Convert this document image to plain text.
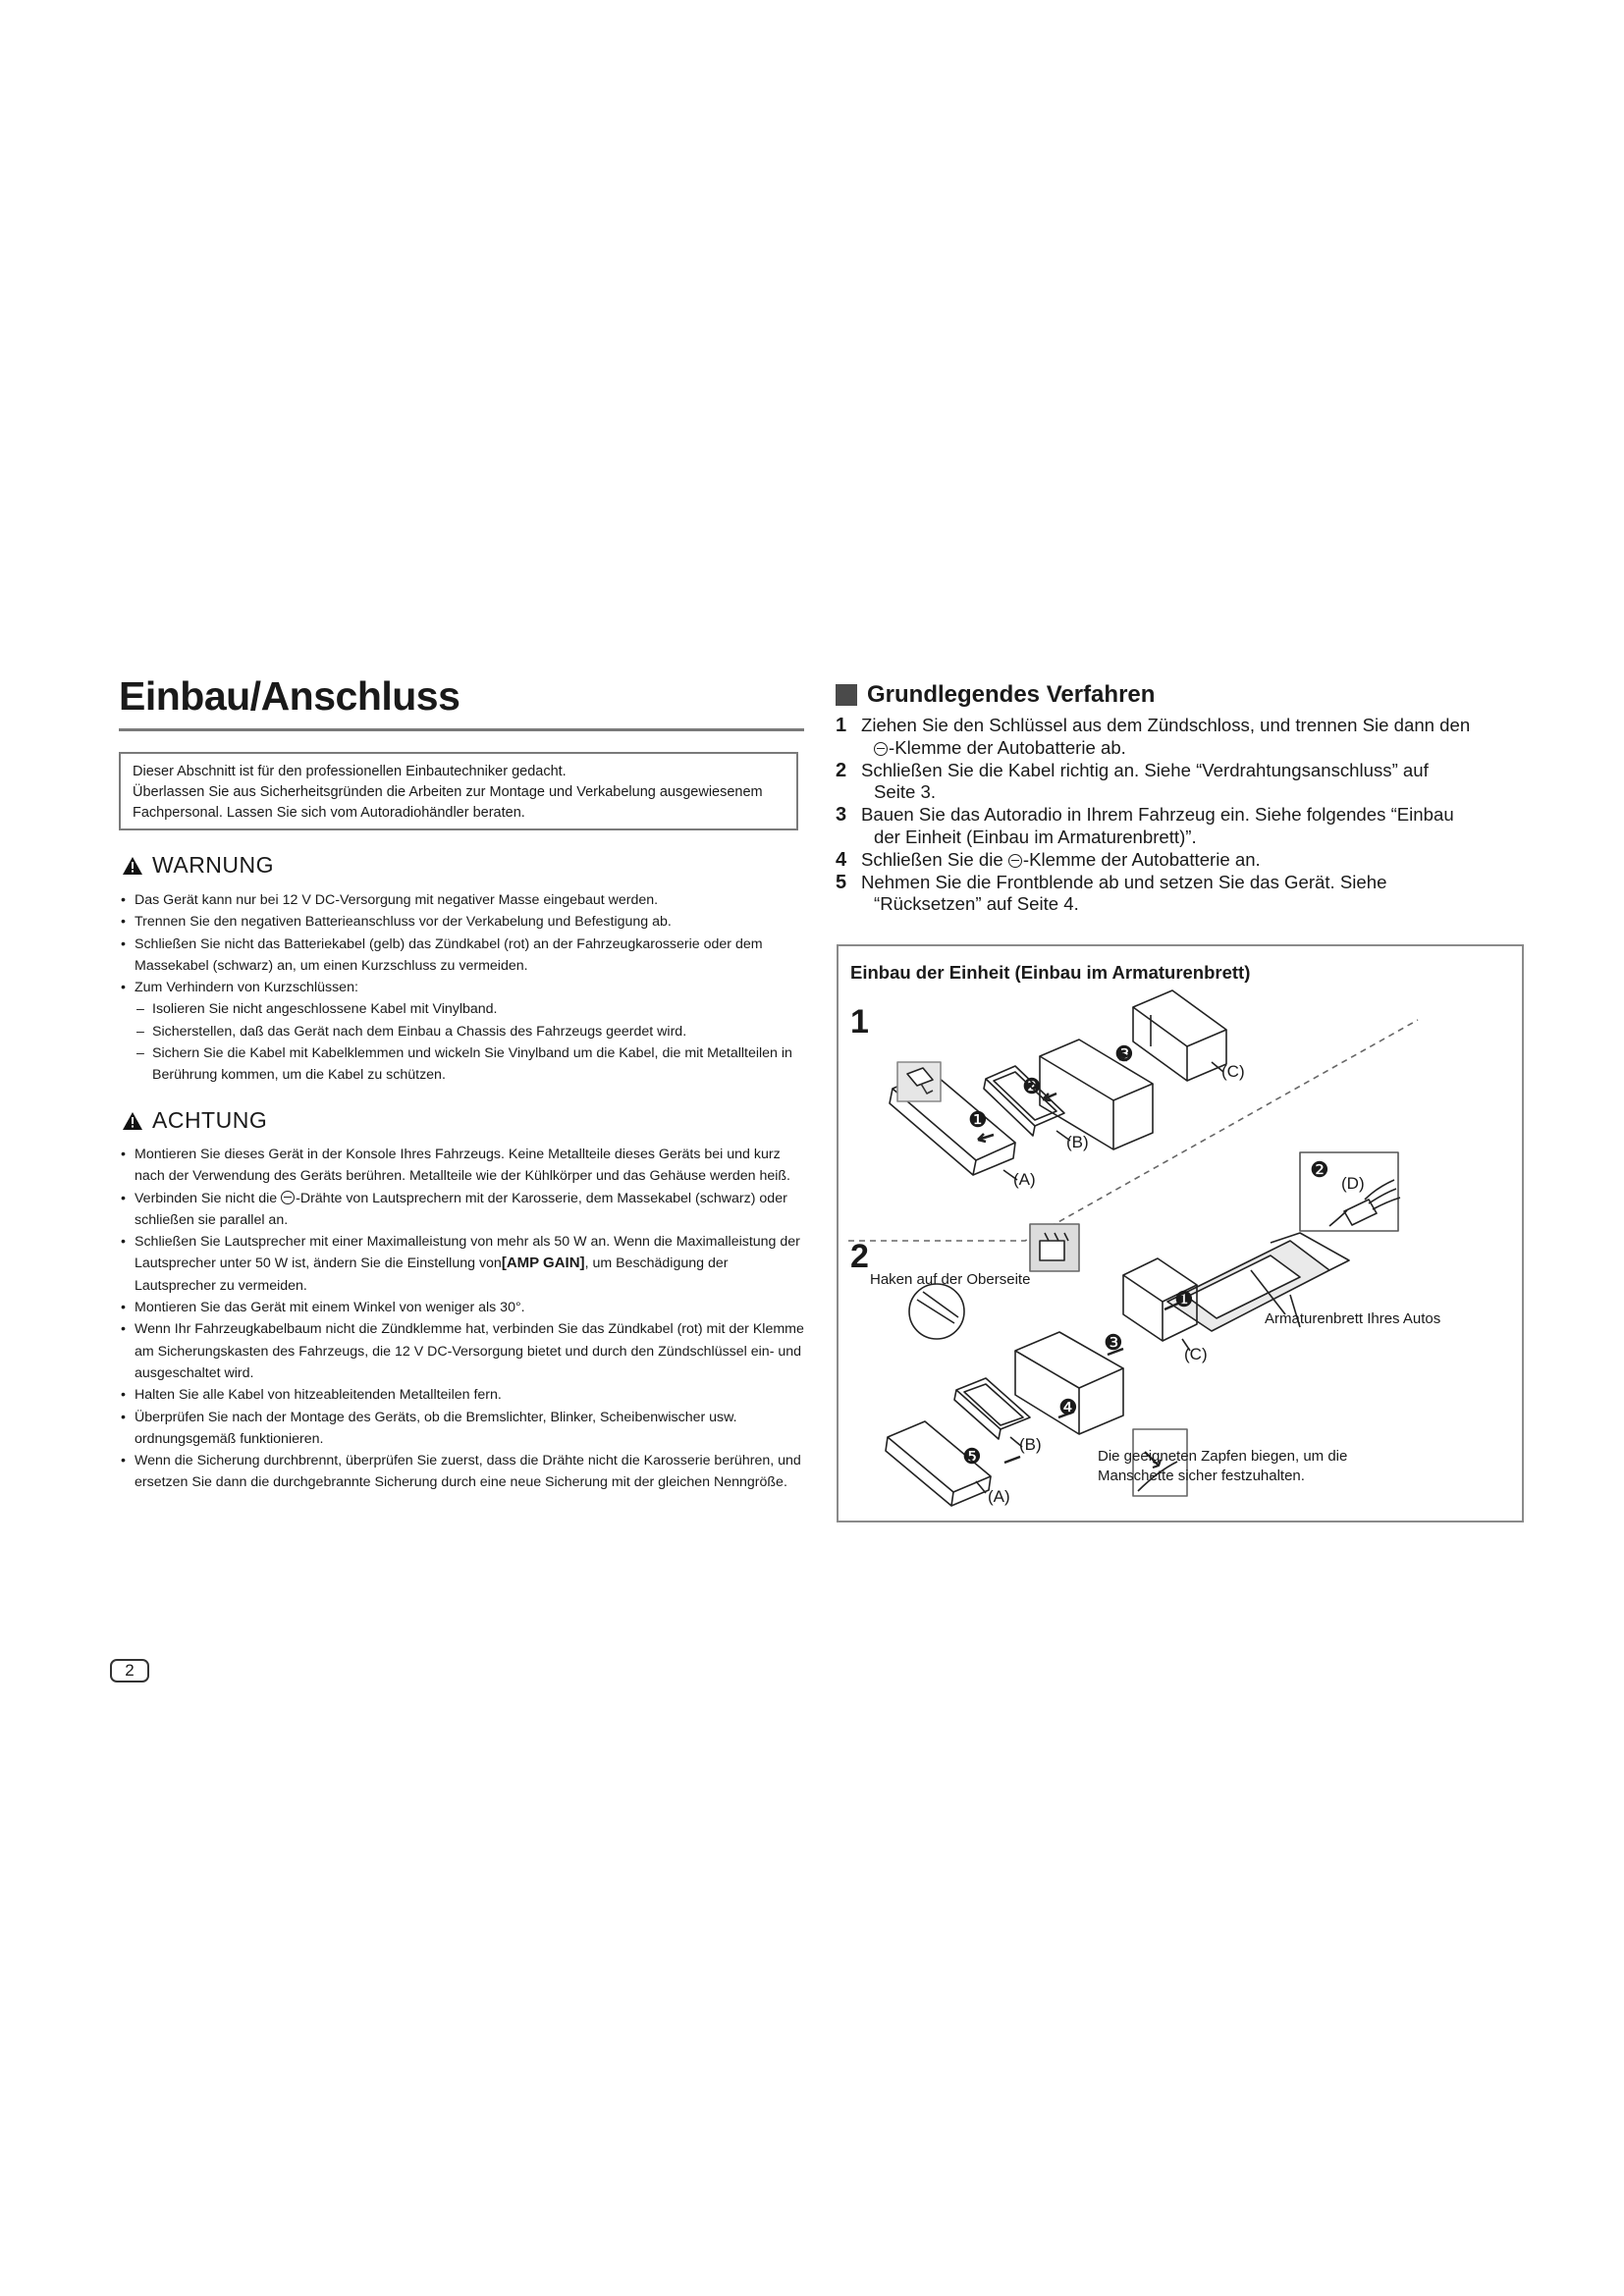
Einbau/Anschluss
Dieser Abschnitt ist für den professionellen Einbautechniker gedacht.
Überlassen Sie aus Sicherheitsgründen die Arbeiten zur Montage und Verkabelung ausgewiesenem
Fachpersonal. Lassen Sie sich vom Autoradiohändler beraten.
WARNUNG
• Das Gerät kann nur bei 12 V DC-Versorgung mit negativer Masse eingebaut werden.
• Trennen Sie den negativen Batterieanschluss vor der Verkabelung und Befestigung ab.
• Schließen Sie nicht das Batteriekabel (gelb) das Zündkabel (rot) an der Fahrzeugkarosserie oder dem Massekabel (schwarz) an, um einen Kurzschluss zu vermeiden.
• Zum Verhindern von Kurzschlüssen:
– Isolieren Sie nicht angeschlossene Kabel mit Vinylband.
– Sicherstellen, daß das Gerät nach dem Einbau a Chassis des Fahrzeugs geerdet wird.
– Sichern Sie die Kabel mit Kabelklemmen und wickeln Sie Vinylband um die Kabel, die mit Metallteilen in Berührung kommen, um die Kabel zu schützen.
ACHTUNG
• Montieren Sie dieses Gerät in der Konsole Ihres Fahrzeugs. Keine Metallteile dieses Geräts bei und kurz nach der Verwendung des Geräts berühren. Metallteile wie der Kühlkörper und das Gehäuse werden heiß.
• Verbinden Sie nicht die -Drähte von Lautsprechern mit der Karosserie, dem Massekabel (schwarz) oder schließen sie parallel an.
• Schließen Sie Lautsprecher mit einer Maximalleistung von mehr als 50 W an. Wenn die Maximalleistung der Lautsprecher unter 50 W ist, ändern Sie die Einstellung von[AMP GAIN], um Beschädigung der Lautsprecher zu vermeiden.
• Montieren Sie das Gerät mit einem Winkel von weniger als 30°.
• Wenn Ihr Fahrzeugkabelbaum nicht die Zündklemme hat, verbinden Sie das Zündkabel (rot) mit der Klemme am Sicherungskasten des Fahrzeugs, die 12 V DC-Versorgung bietet und durch den Zündschlüssel ein- und ausgeschaltet wird.
• Halten Sie alle Kabel von hitzeableitenden Metallteilen fern.
• Überprüfen Sie nach der Montage des Geräts, ob die Bremslichter, Blinker, Scheibenwischer usw. ordnungsgemäß funktionieren.
• Wenn die Sicherung durchbrennt, überprüfen Sie zuerst, dass die Drähte nicht die Karosserie berühren, und ersetzen Sie dann die durchgebrannte Sicherung durch eine neue Sicherung mit der gleichen Nenngröße.
2
Grundlegendes Verfahren
1 Ziehen Sie den Schlüssel aus dem Zündschloss, und trennen Sie dann den
-Klemme der Autobatterie ab.
2 Schließen Sie die Kabel richtig an. Siehe “Verdrahtungsanschluss” auf
Seite 3.
3 Bauen Sie das Autoradio in Ihrem Fahrzeug ein. Siehe folgendes “Einbau
der Einheit (Einbau im Armaturenbrett)”.
4 Schließen Sie die -Klemme der Autobatterie an.
5 Nehmen Sie die Frontblende ab und setzen Sie das Gerät. Siehe
“Rücksetzen” auf Seite 4.
Einbau der Einheit (Einbau im Armaturenbrett)
1
2
❶
❷
❸
❷
❶
❸
❹
❺
(A)
(B)
(C)
(D)
(A)
(B)
(C)
Haken auf der Oberseite
Armaturenbrett Ihres Autos
Die geeigneten Zapfen biegen, um die
Manschette sicher festzuhalten.
